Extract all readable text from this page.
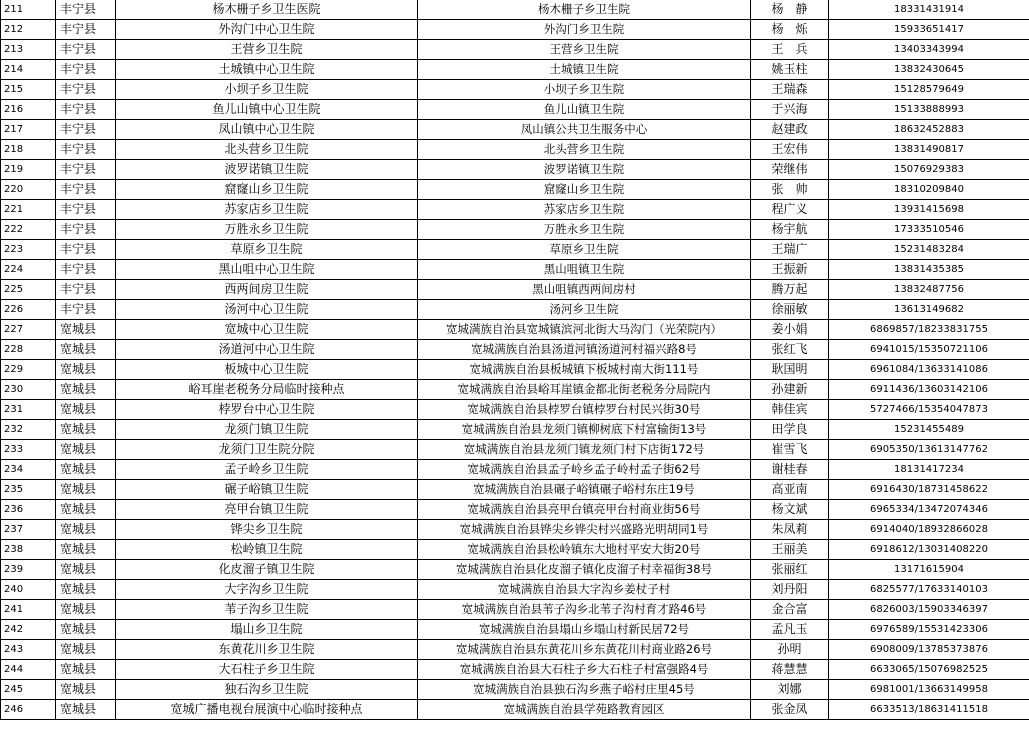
211	丰宁县	杨木栅子乡卫生医院	杨木栅子乡卫生院	杨　静	18331431914
212	丰宁县	外沟门中心卫生院	外沟门乡卫生院	杨　烁	15933651417
213	丰宁县	王营乡卫生院	王营乡卫生院	王　兵	13403343994
214	丰宁县	土城镇中心卫生院	土城镇卫生院	姚玉柱	13832430645
215	丰宁县	小坝子乡卫生院	小坝子乡卫生院	王瑞森	15128579649
216	丰宁县	鱼儿山镇中心卫生院	鱼儿山镇卫生院	于兴海	15133888993
217	丰宁县	凤山镇中心卫生院	凤山镇公共卫生服务中心	赵建政	18632452883
218	丰宁县	北头营乡卫生院	北头营乡卫生院	王宏伟	13831490817
219	丰宁县	波罗诺镇卫生院	波罗诺镇卫生院	荣继伟	15076929383
220	丰宁县	窟窿山乡卫生院	窟窿山乡卫生院	张　帅	18310209840
221	丰宁县	苏家店乡卫生院	苏家店乡卫生院	程广义	13931415698
222	丰宁县	万胜永乡卫生院	万胜永乡卫生院	杨宇航	17333510546
223	丰宁县	草原乡卫生院	草原乡卫生院	王瑞广	15231483284
224	丰宁县	黑山咀中心卫生院	黑山咀镇卫生院	王振新	13831435385
225	丰宁县	西两间房卫生院	黑山咀镇西两间房村	腾万起	13832487756
226	丰宁县	汤河中心卫生院	汤河乡卫生院	徐丽敏	13613149682
227	宽城县	宽城中心卫生院	宽城满族自治县宽城镇滨河北街大马沟门（光荣院内）	姜小娟	6869857/18233831755
228	宽城县	汤道河中心卫生院	宽城满族自治县汤道河镇汤道河村福兴路8号	张红飞	6941015/15350721106
229	宽城县	板城中心卫生院	宽城满族自治县板城镇下板城村南大街111号	耿国明	6961084/13633141086
230	宽城县	峪耳崖老税务分局临时接种点	宽城满族自治县峪耳崖镇金都北街老税务分局院内	孙建新	6911436/13603142106
231	宽城县	桲罗台中心卫生院	宽城满族自治县桲罗台镇桲罗台村民兴街30号	韩佳宾	5727466/15354047873
232	宽城县	龙须门镇卫生院	宽城满族自治县龙须门镇柳树底下村富输街13号	田学良	15231455489
233	宽城县	龙须门卫生院分院	宽城满族自治县龙须门镇龙须门村下店街172号	崔雪飞	6905350/13613147762
234	宽城县	孟子岭乡卫生院	宽城满族自治县孟子岭乡孟子岭村孟子街62号	谢桂春	18131417234
235	宽城县	碾子峪镇卫生院	宽城满族自治县碾子峪镇碾子峪村东庄19号	高亚南	6916430/18731458622
236	宽城县	亮甲台镇卫生院	宽城满族自治县亮甲台镇亮甲台村商业街56号	杨文斌	6965334/13472074346
237	宽城县	铧尖乡卫生院	宽城满族自治县铧尖乡铧尖村兴盛路光明胡同1号	朱凤莉	6914040/18932866028
238	宽城县	松岭镇卫生院	宽城满族自治县松岭镇东大地村平安大街20号	王丽美	6918612/13031408220
239	宽城县	化皮溜子镇卫生院	宽城满族自治县化皮溜子镇化皮溜子村幸福街38号	张丽红	13171615904
240	宽城县	大字沟乡卫生院	宽城满族自治县大字沟乡姜杖子村	刘丹阳	6825577/17633140103
241	宽城县	苇子沟乡卫生院	宽城满族自治县苇子沟乡北苇子沟村育才路46号	金合富	6826003/15903346397
242	宽城县	塌山乡卫生院	宽城满族自治县塌山乡塌山村新民居72号	孟凡玉	6976589/15531423306
243	宽城县	东黄花川乡卫生院	宽城满族自治县东黄花川乡东黄花川村商业路26号	孙明	6908009/13785373876
244	宽城县	大石柱子乡卫生院	宽城满族自治县大石柱子乡大石柱子村富强路4号	蒋慧慧	6633065/15076982525
245	宽城县	独石沟乡卫生院	宽城满族自治县独石沟乡燕子峪村庄里45号	刘娜	6981001/13663149958
246	宽城县	宽城广播电视台展演中心临时接种点	宽城满族自治县学苑路教育园区	张金凤	6633513/18631411518
